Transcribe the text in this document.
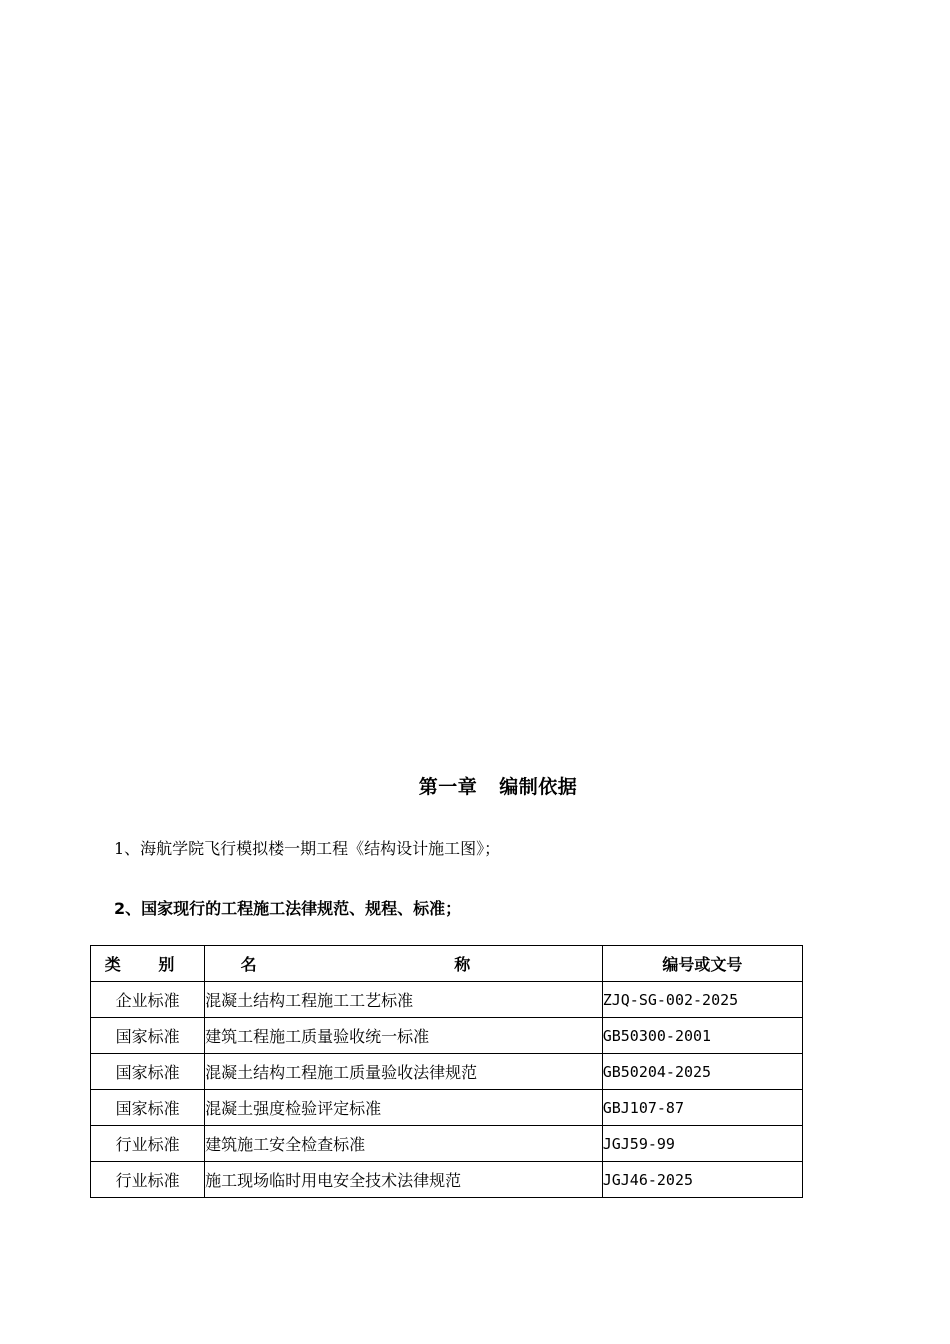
第一章 编制依据
1、海航学院飞行模拟楼一期工程《结构设计施工图》；
2、国家现行的工程施工法律规范、规程、标准；
类 别	名 称	编号或文号
企业标准	混凝土结构工程施工工艺标准	ZJQ-SG-002-2025
国家标准	建筑工程施工质量验收统一标准	GB50300-2001
国家标准	混凝土结构工程施工质量验收法律规范	GB50204-2025
国家标准	混凝土强度检验评定标准	GBJ107-87
行业标准	建筑施工安全检查标准	JGJ59-99
行业标准	施工现场临时用电安全技术法律规范	JGJ46-2025
